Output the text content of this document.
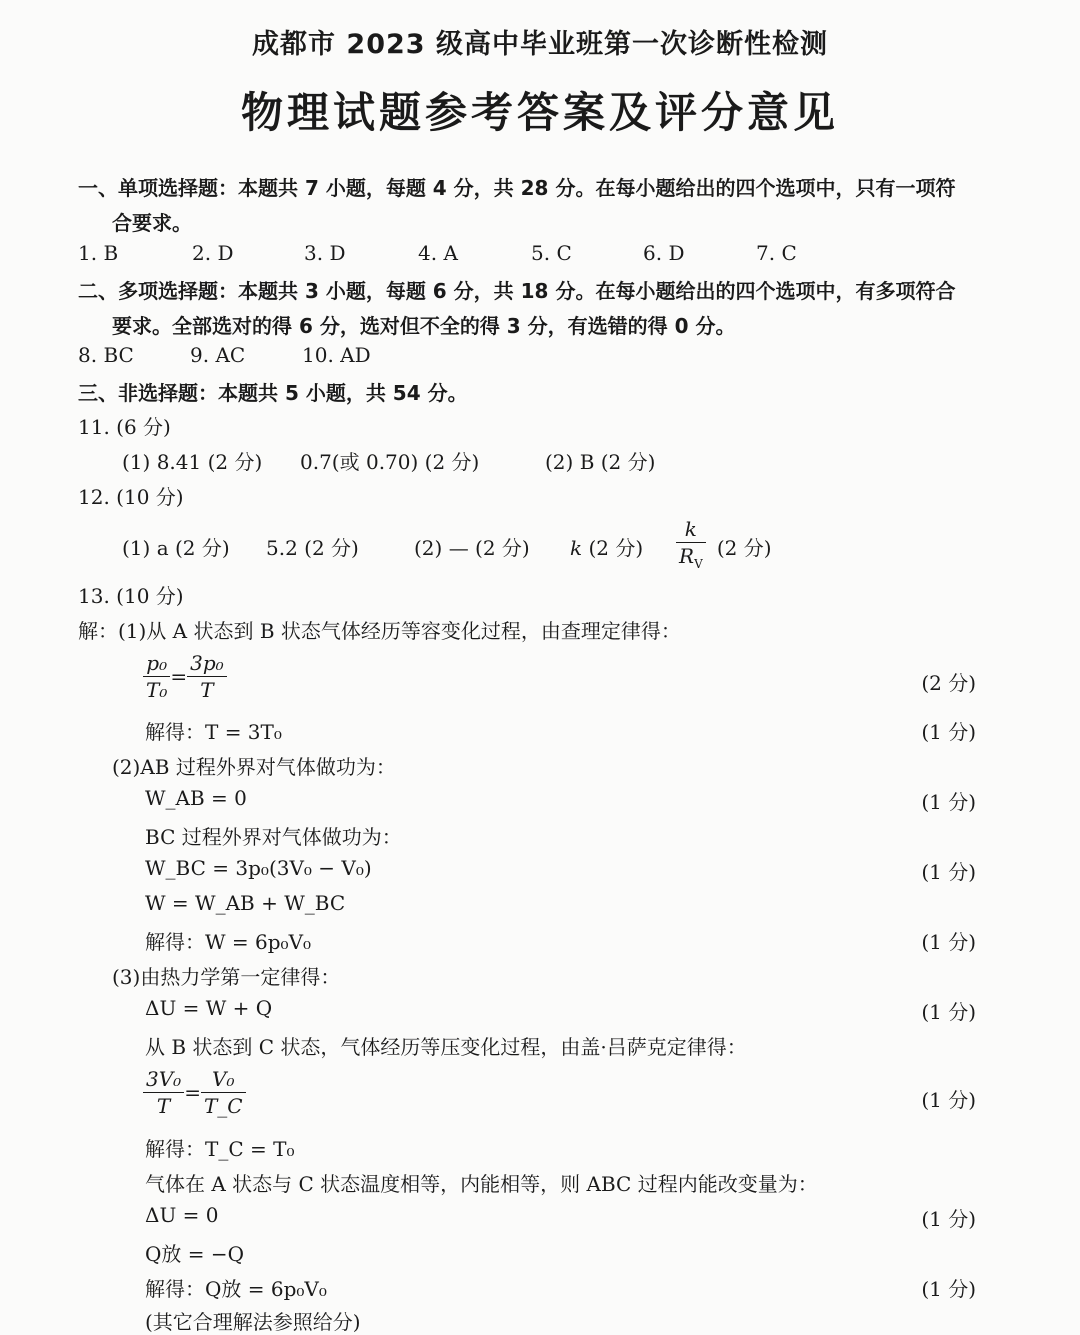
成都市 2023 级高中毕业班第一次诊断性检测
物理试题参考答案及评分意见
一、单项选择题：本题共 7 小题，每题 4 分，共 28 分。在每小题给出的四个选项中，只有一项符
合要求。
1. B	2. D	3. D	4. A	5. C	6. D	7. C
二、多项选择题：本题共 3 小题，每题 6 分，共 18 分。在每小题给出的四个选项中，有多项符合
要求。全部选对的得 6 分，选对但不全的得 3 分，有选错的得 0 分。
8. BC	9. AC	10. AD
三、非选择题：本题共 5 小题，共 54 分。
11. (6 分)
(1) 8.41 (2 分) 0.7(或 0.70) (2 分)	(2) B (2 分)
12. (10 分)
(1) a (2 分) 5.2 (2 分)	(2) — (2 分) k (2 分) $\frac{k}{R_V} (2$ 分)
13. (10 分)
解：(1)从 A 状态到 B 状态气体经历等容变化过程，由查理定律得：
$\frac{\text{p₀}}{\text{T₀}} = \frac{\text{3p₀}}{T}$	(2 分)
解得：T = 3T₀	(1 分)
(2)AB 过程外界对气体做功为：
W_AB = 0	(1 分)
BC 过程外界对气体做功为：
W_BC = 3p₀(3V₀ − V₀)	(1 分)
W = W_AB + W_BC
解得：W = 6p₀V₀	(1 分)
(3)由热力学第一定律得：
ΔU = W + Q	(1 分)
从 B 状态到 C 状态，气体经历等压变化过程，由盖·吕萨克定律得：
$\frac{\text{3V₀}}{T} = \frac{\text{V₀}}{T\_C}$	(1 分)
解得：T_C = T₀
气体在 A 状态与 C 状态温度相等，内能相等，则 ABC 过程内能改变量为：
ΔU = 0	(1 分)
Q放 = −Q
解得：Q放 = 6p₀V₀	(1 分)
(其它合理解法参照给分)
